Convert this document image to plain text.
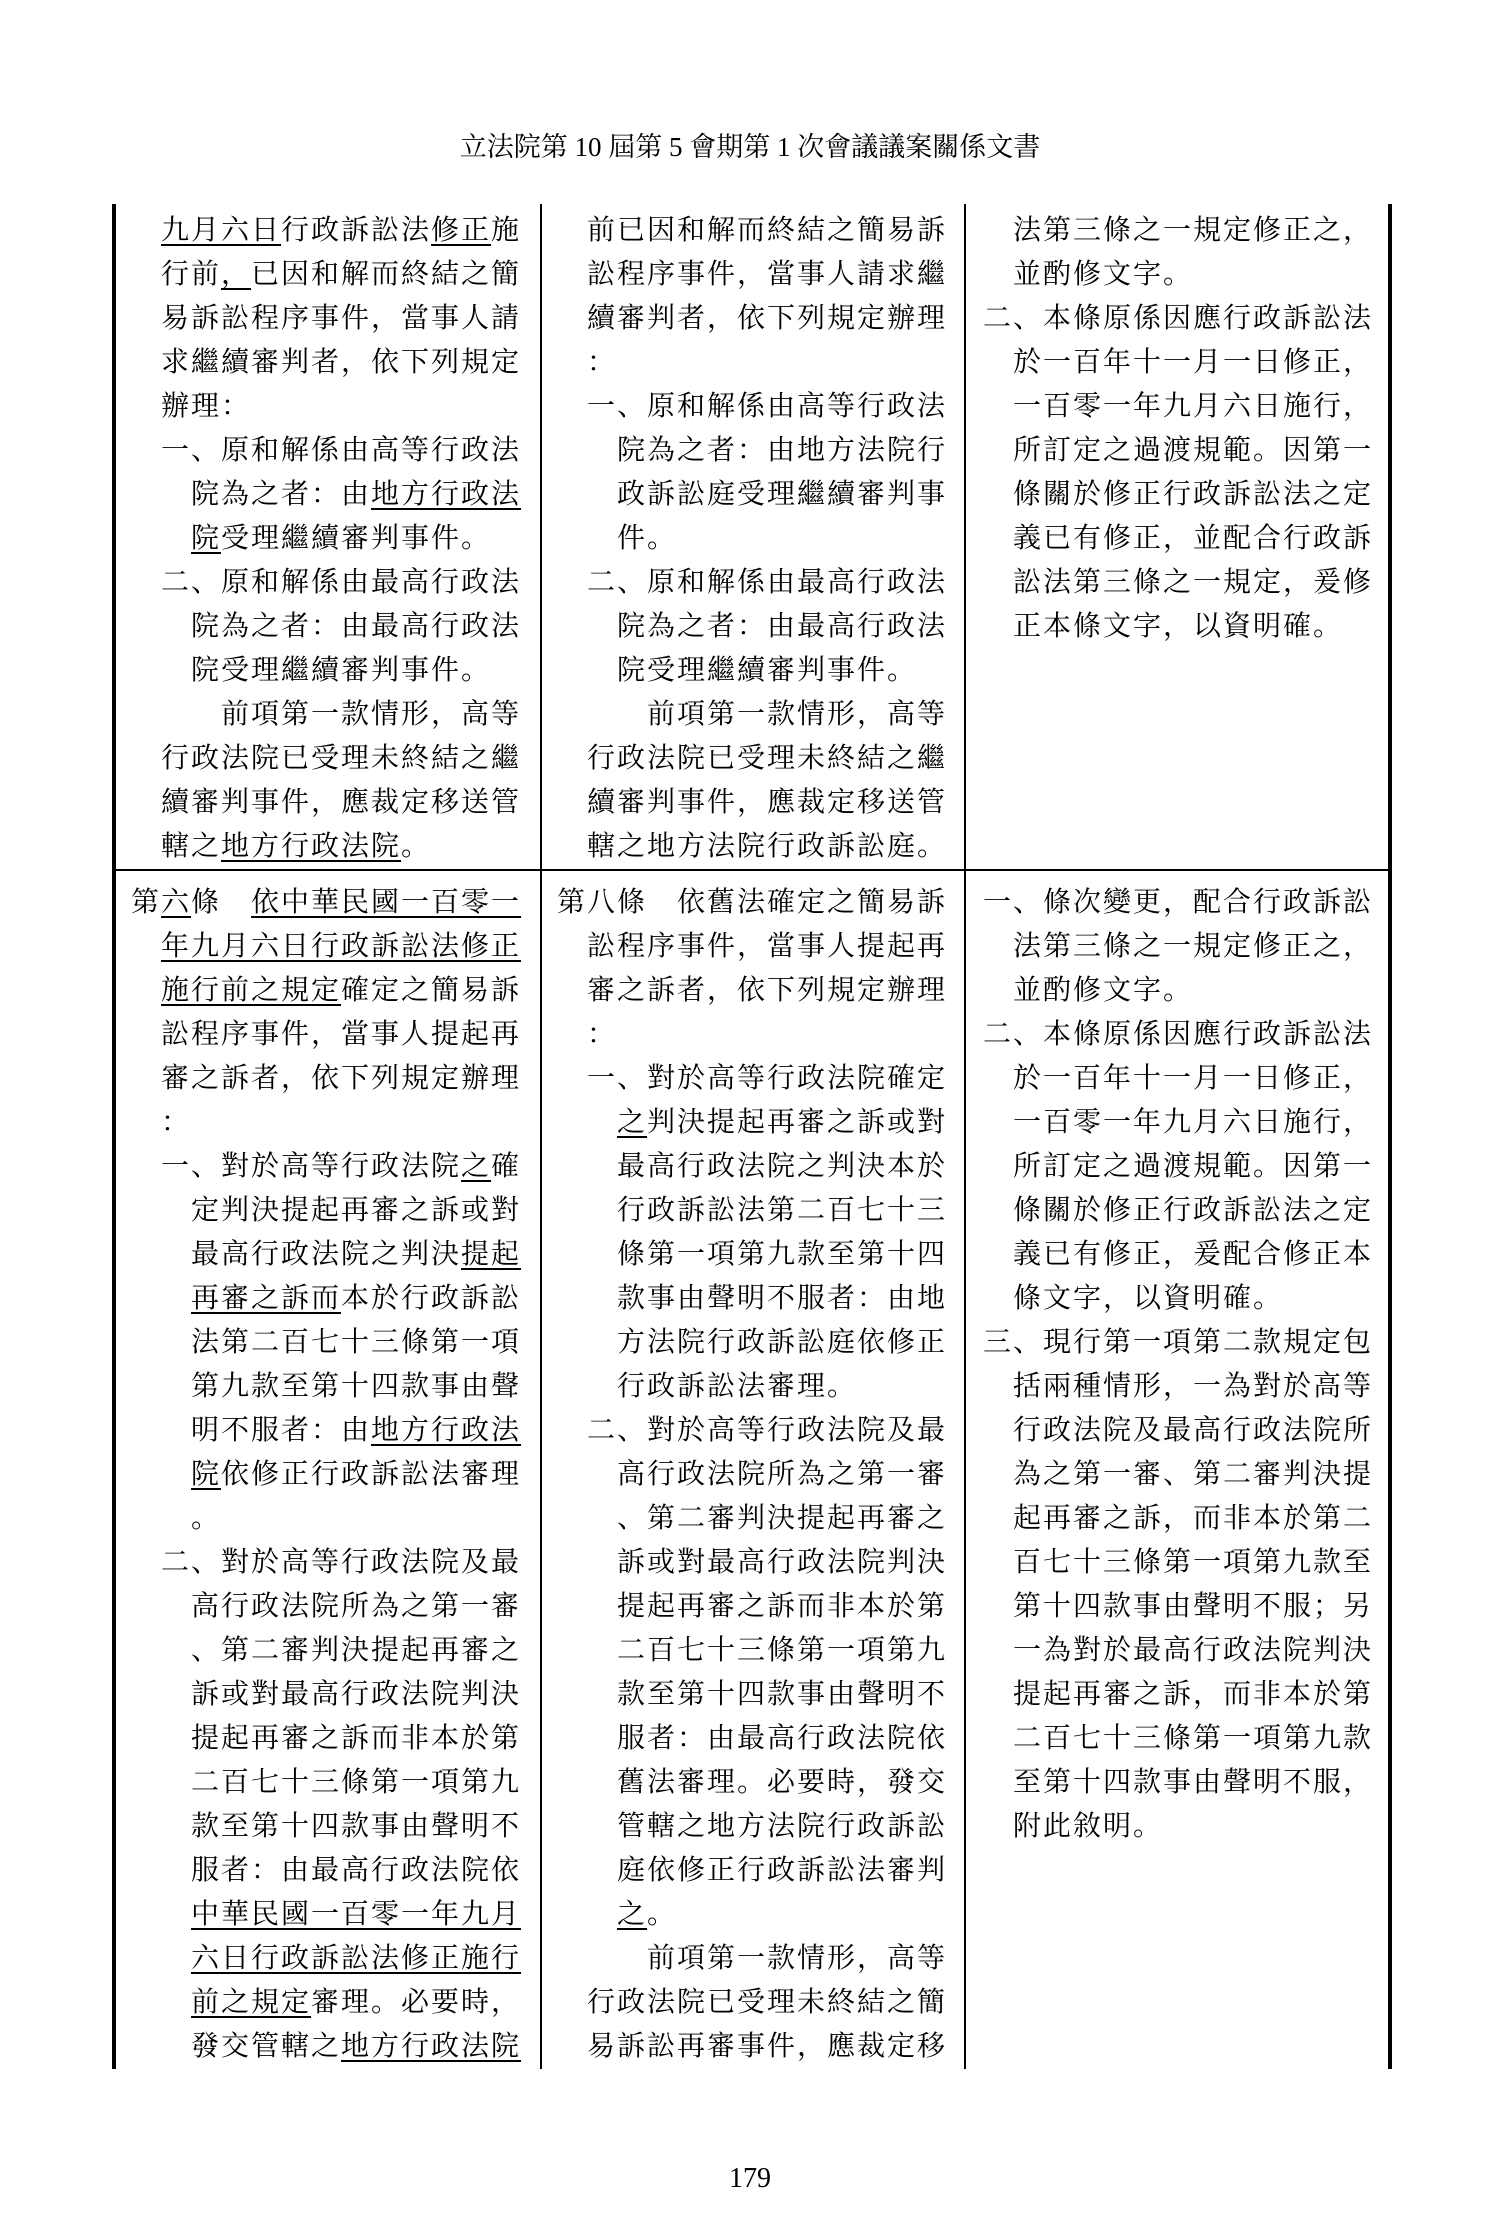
立法院第 10 屆第 5 會期第 1 次會議議案關係文書
九月六日行政訴訟法修正施
行前，已因和解而終結之簡
易訴訟程序事件，當事人請
求繼續審判者，依下列規定
辦理：
一、原和解係由高等行政法
院為之者：由地方行政法
院受理繼續審判事件。
二、原和解係由最高行政法
院為之者：由最高行政法
院受理繼續審判事件。
前項第一款情形，高等
行政法院已受理未終結之繼
續審判事件，應裁定移送管
轄之地方行政法院。
前已因和解而終結之簡易訴
訟程序事件，當事人請求繼
續審判者，依下列規定辦理
：
一、原和解係由高等行政法
院為之者：由地方法院行
政訴訟庭受理繼續審判事
件。
二、原和解係由最高行政法
院為之者：由最高行政法
院受理繼續審判事件。
前項第一款情形，高等
行政法院已受理未終結之繼
續審判事件，應裁定移送管
轄之地方法院行政訴訟庭。
法第三條之一規定修正之，
並酌修文字。
二、本條原係因應行政訴訟法
於一百年十一月一日修正，
一百零一年九月六日施行，
所訂定之過渡規範。因第一
條關於修正行政訴訟法之定
義已有修正，並配合行政訴
訟法第三條之一規定，爰修
正本條文字，以資明確。
第六條　依中華民國一百零一
年九月六日行政訴訟法修正
施行前之規定確定之簡易訴
訟程序事件，當事人提起再
審之訴者，依下列規定辦理
：
一、對於高等行政法院之確
定判決提起再審之訴或對
最高行政法院之判決提起
再審之訴而本於行政訴訟
法第二百七十三條第一項
第九款至第十四款事由聲
明不服者：由地方行政法
院依修正行政訴訟法審理
。
二、對於高等行政法院及最
高行政法院所為之第一審
、第二審判決提起再審之
訴或對最高行政法院判決
提起再審之訴而非本於第
二百七十三條第一項第九
款至第十四款事由聲明不
服者：由最高行政法院依
中華民國一百零一年九月
六日行政訴訟法修正施行
前之規定審理。必要時，
發交管轄之地方行政法院
第八條　依舊法確定之簡易訴
訟程序事件，當事人提起再
審之訴者，依下列規定辦理
：
一、對於高等行政法院確定
之判決提起再審之訴或對
最高行政法院之判決本於
行政訴訟法第二百七十三
條第一項第九款至第十四
款事由聲明不服者：由地
方法院行政訴訟庭依修正
行政訴訟法審理。
二、對於高等行政法院及最
高行政法院所為之第一審
、第二審判決提起再審之
訴或對最高行政法院判決
提起再審之訴而非本於第
二百七十三條第一項第九
款至第十四款事由聲明不
服者：由最高行政法院依
舊法審理。必要時，發交
管轄之地方法院行政訴訟
庭依修正行政訴訟法審判
之。
前項第一款情形，高等
行政法院已受理未終結之簡
易訴訟再審事件，應裁定移
一、條次變更，配合行政訴訟
法第三條之一規定修正之，
並酌修文字。
二、本條原係因應行政訴訟法
於一百年十一月一日修正，
一百零一年九月六日施行，
所訂定之過渡規範。因第一
條關於修正行政訴訟法之定
義已有修正，爰配合修正本
條文字，以資明確。
三、現行第一項第二款規定包
括兩種情形，一為對於高等
行政法院及最高行政法院所
為之第一審、第二審判決提
起再審之訴，而非本於第二
百七十三條第一項第九款至
第十四款事由聲明不服；另
一為對於最高行政法院判決
提起再審之訴，而非本於第
二百七十三條第一項第九款
至第十四款事由聲明不服，
附此敘明。
179
